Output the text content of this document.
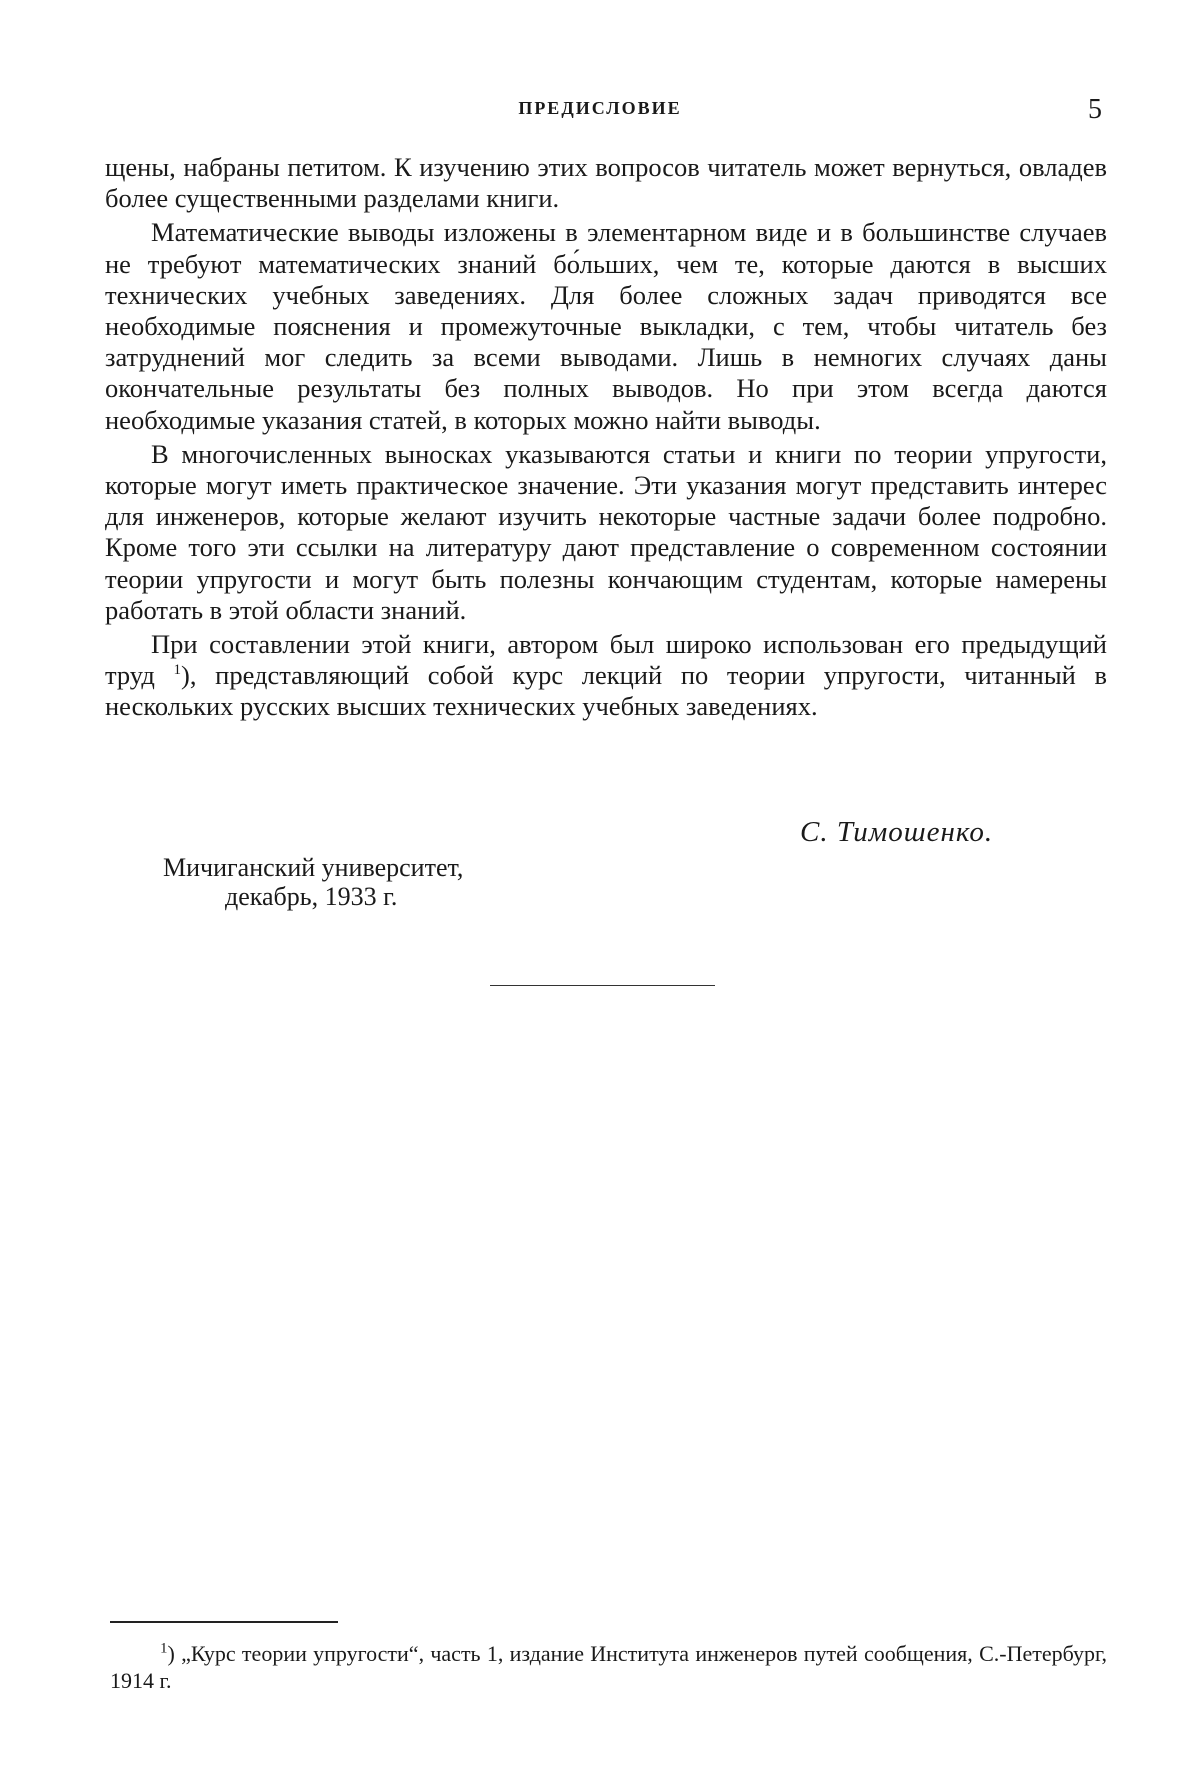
ПРЕДИСЛОВИЕ	5

щены, набраны петитом. К изучению этих вопросов читатель может вернуться, овладев более существенными разделами книги.

Математические выводы изложены в элементарном виде и в большинстве случаев не требуют математических знаний бо́льших, чем те, которые даются в высших технических учебных заведениях. Для более сложных задач приводятся все необходимые пояснения и промежуточные выкладки, с тем, чтобы читатель без затруднений мог следить за всеми выводами. Лишь в немногих случаях даны окончательные результаты без полных выводов. Но при этом всегда даются необходимые указания статей, в которых можно найти выводы.

В многочисленных выносках указываются статьи и книги по теории упругости, которые могут иметь практическое значение. Эти указания могут представить интерес для инженеров, которые желают изучить некоторые частные задачи более подробно. Кроме того эти ссылки на литературу дают представление о современном состоянии теории упругости и могут быть полезны кончающим студентам, которые намерены работать в этой области знаний.

При составлении этой книги, автором был широко использован его предыдущий труд $^1$), представляющий собой курс лекций по теории упругости, читанный в нескольких русских высших технических учебных заведениях.

С. Тимошенко.
Мичиганский университет,
декабрь, 1933 г.
$^1$) „Курс теории упругости“, часть 1, издание Института инженеров путей сообщения, С.-Петербург, 1914 г.
